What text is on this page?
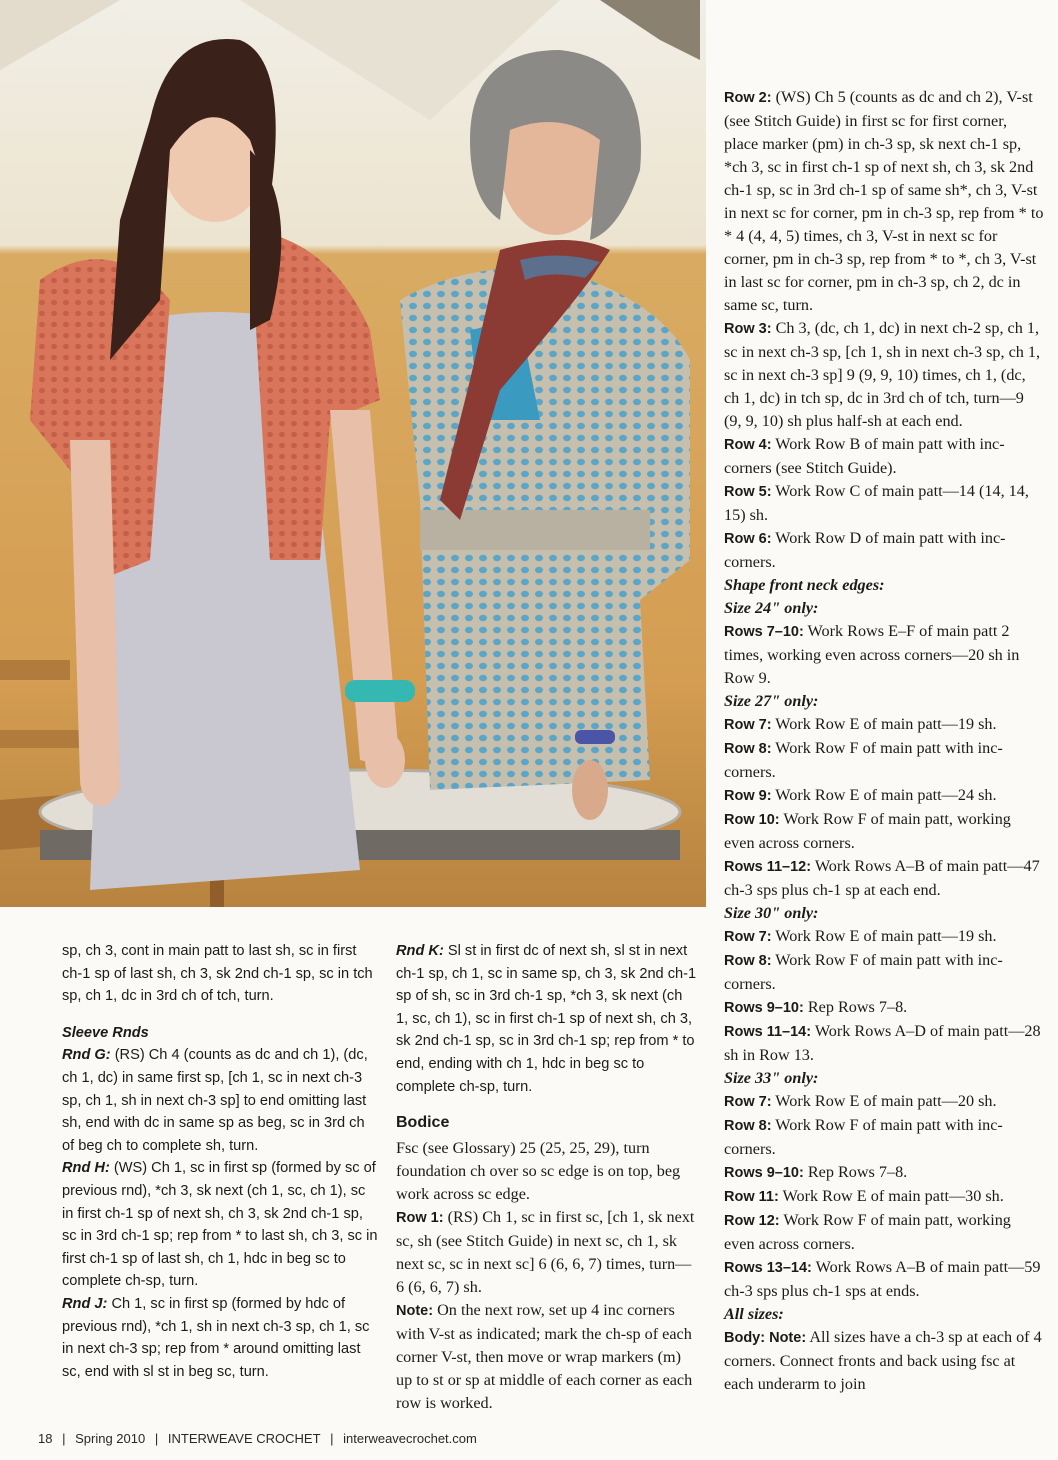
sp, ch 3, cont in main patt to last sh, sc in first ch-1 sp of last sh, ch 3, sk 2nd ch-1 sp, sc in tch sp, ch 1, dc in 3rd ch of tch, turn.

Sleeve Rnds

Rnd G: (RS) Ch 4 (counts as dc and ch 1), (dc, ch 1, dc) in same first sp, [ch 1, sc in next ch-3 sp, ch 1, sh in next ch-3 sp] to end omitting last sh, end with dc in same sp as beg, sc in 3rd ch of beg ch to complete sh, turn.

Rnd H: (WS) Ch 1, sc in first sp (formed by sc of previous rnd), *ch 3, sk next (ch 1, sc, ch 1), sc in first ch-1 sp of next sh, ch 3, sk 2nd ch-1 sp, sc in 3rd ch-1 sp; rep from * to last sh, ch 3, sc in first ch-1 sp of last sh, ch 1, hdc in beg sc to complete ch-sp, turn.

Rnd J: Ch 1, sc in first sp (formed by hdc of previous rnd), *ch 1, sh in next ch-3 sp, ch 1, sc in next ch-3 sp; rep from * around omitting last sc, end with sl st in beg sc, turn.

Rnd K: Sl st in first dc of next sh, sl st in next ch-1 sp, ch 1, sc in same sp, ch 3, sk 2nd ch-1 sp of sh, sc in 3rd ch-1 sp, *ch 3, sk next (ch 1, sc, ch 1), sc in first ch-1 sp of next sh, ch 3, sk 2nd ch-1 sp, sc in 3rd ch-1 sp; rep from * to end, ending with ch 1, hdc in beg sc to complete ch-sp, turn.

Bodice

Fsc (see Glossary) 25 (25, 25, 29), turn foundation ch over so sc edge is on top, beg work across sc edge.

Row 1: (RS) Ch 1, sc in first sc, [ch 1, sk next sc, sh (see Stitch Guide) in next sc, ch 1, sk next sc, sc in next sc] 6 (6, 6, 7) times, turn—6 (6, 6, 7) sh.

Note: On the next row, set up 4 inc corners with V-st as indicated; mark the ch-sp of each corner V-st, then move or wrap markers (m) up to st or sp at middle of each corner as each row is worked.

Row 2: (WS) Ch 5 (counts as dc and ch 2), V-st (see Stitch Guide) in first sc for first corner, place marker (pm) in ch-3 sp, sk next ch-1 sp, *ch 3, sc in first ch-1 sp of next sh, ch 3, sk 2nd ch-1 sp, sc in 3rd ch-1 sp of same sh*, ch 3, V-st in next sc for corner, pm in ch-3 sp, rep from * to * 4 (4, 4, 5) times, ch 3, V-st in next sc for corner, pm in ch-3 sp, rep from * to *, ch 3, V-st in last sc for corner, pm in ch-3 sp, ch 2, dc in same sc, turn.

Row 3: Ch 3, (dc, ch 1, dc) in next ch-2 sp, ch 1, sc in next ch-3 sp, [ch 1, sh in next ch-3 sp, ch 1, sc in next ch-3 sp] 9 (9, 9, 10) times, ch 1, (dc, ch 1, dc) in tch sp, dc in 3rd ch of tch, turn—9 (9, 9, 10) sh plus half-sh at each end.

Row 4: Work Row B of main patt with inc-corners (see Stitch Guide).

Row 5: Work Row C of main patt—14 (14, 14, 15) sh.

Row 6: Work Row D of main patt with inc-corners.

Shape front neck edges:

Size 24" only:

Rows 7–10: Work Rows E–F of main patt 2 times, working even across corners—20 sh in Row 9.

Size 27" only:

Row 7: Work Row E of main patt—19 sh.

Row 8: Work Row F of main patt with inc-corners.

Row 9: Work Row E of main patt—24 sh.

Row 10: Work Row F of main patt, working even across corners.

Rows 11–12: Work Rows A–B of main patt—47 ch-3 sps plus ch-1 sp at each end.

Size 30" only:

Row 7: Work Row E of main patt—19 sh.

Row 8: Work Row F of main patt with inc-corners.

Rows 9–10: Rep Rows 7–8.

Rows 11–14: Work Rows A–D of main patt—28 sh in Row 13.

Size 33" only:

Row 7: Work Row E of main patt—20 sh.

Row 8: Work Row F of main patt with inc-corners.

Rows 9–10: Rep Rows 7–8.

Row 11: Work Row E of main patt—30 sh.

Row 12: Work Row F of main patt, working even across corners.

Rows 13–14: Work Rows A–B of main patt—59 ch-3 sps plus ch-1 sps at ends.

All sizes:

Body: Note: All sizes have a ch-3 sp at each of 4 corners. Connect fronts and back using fsc at each underarm to join

18 | Spring 2010 | INTERWEAVE CROCHET | interweavecrochet.com
